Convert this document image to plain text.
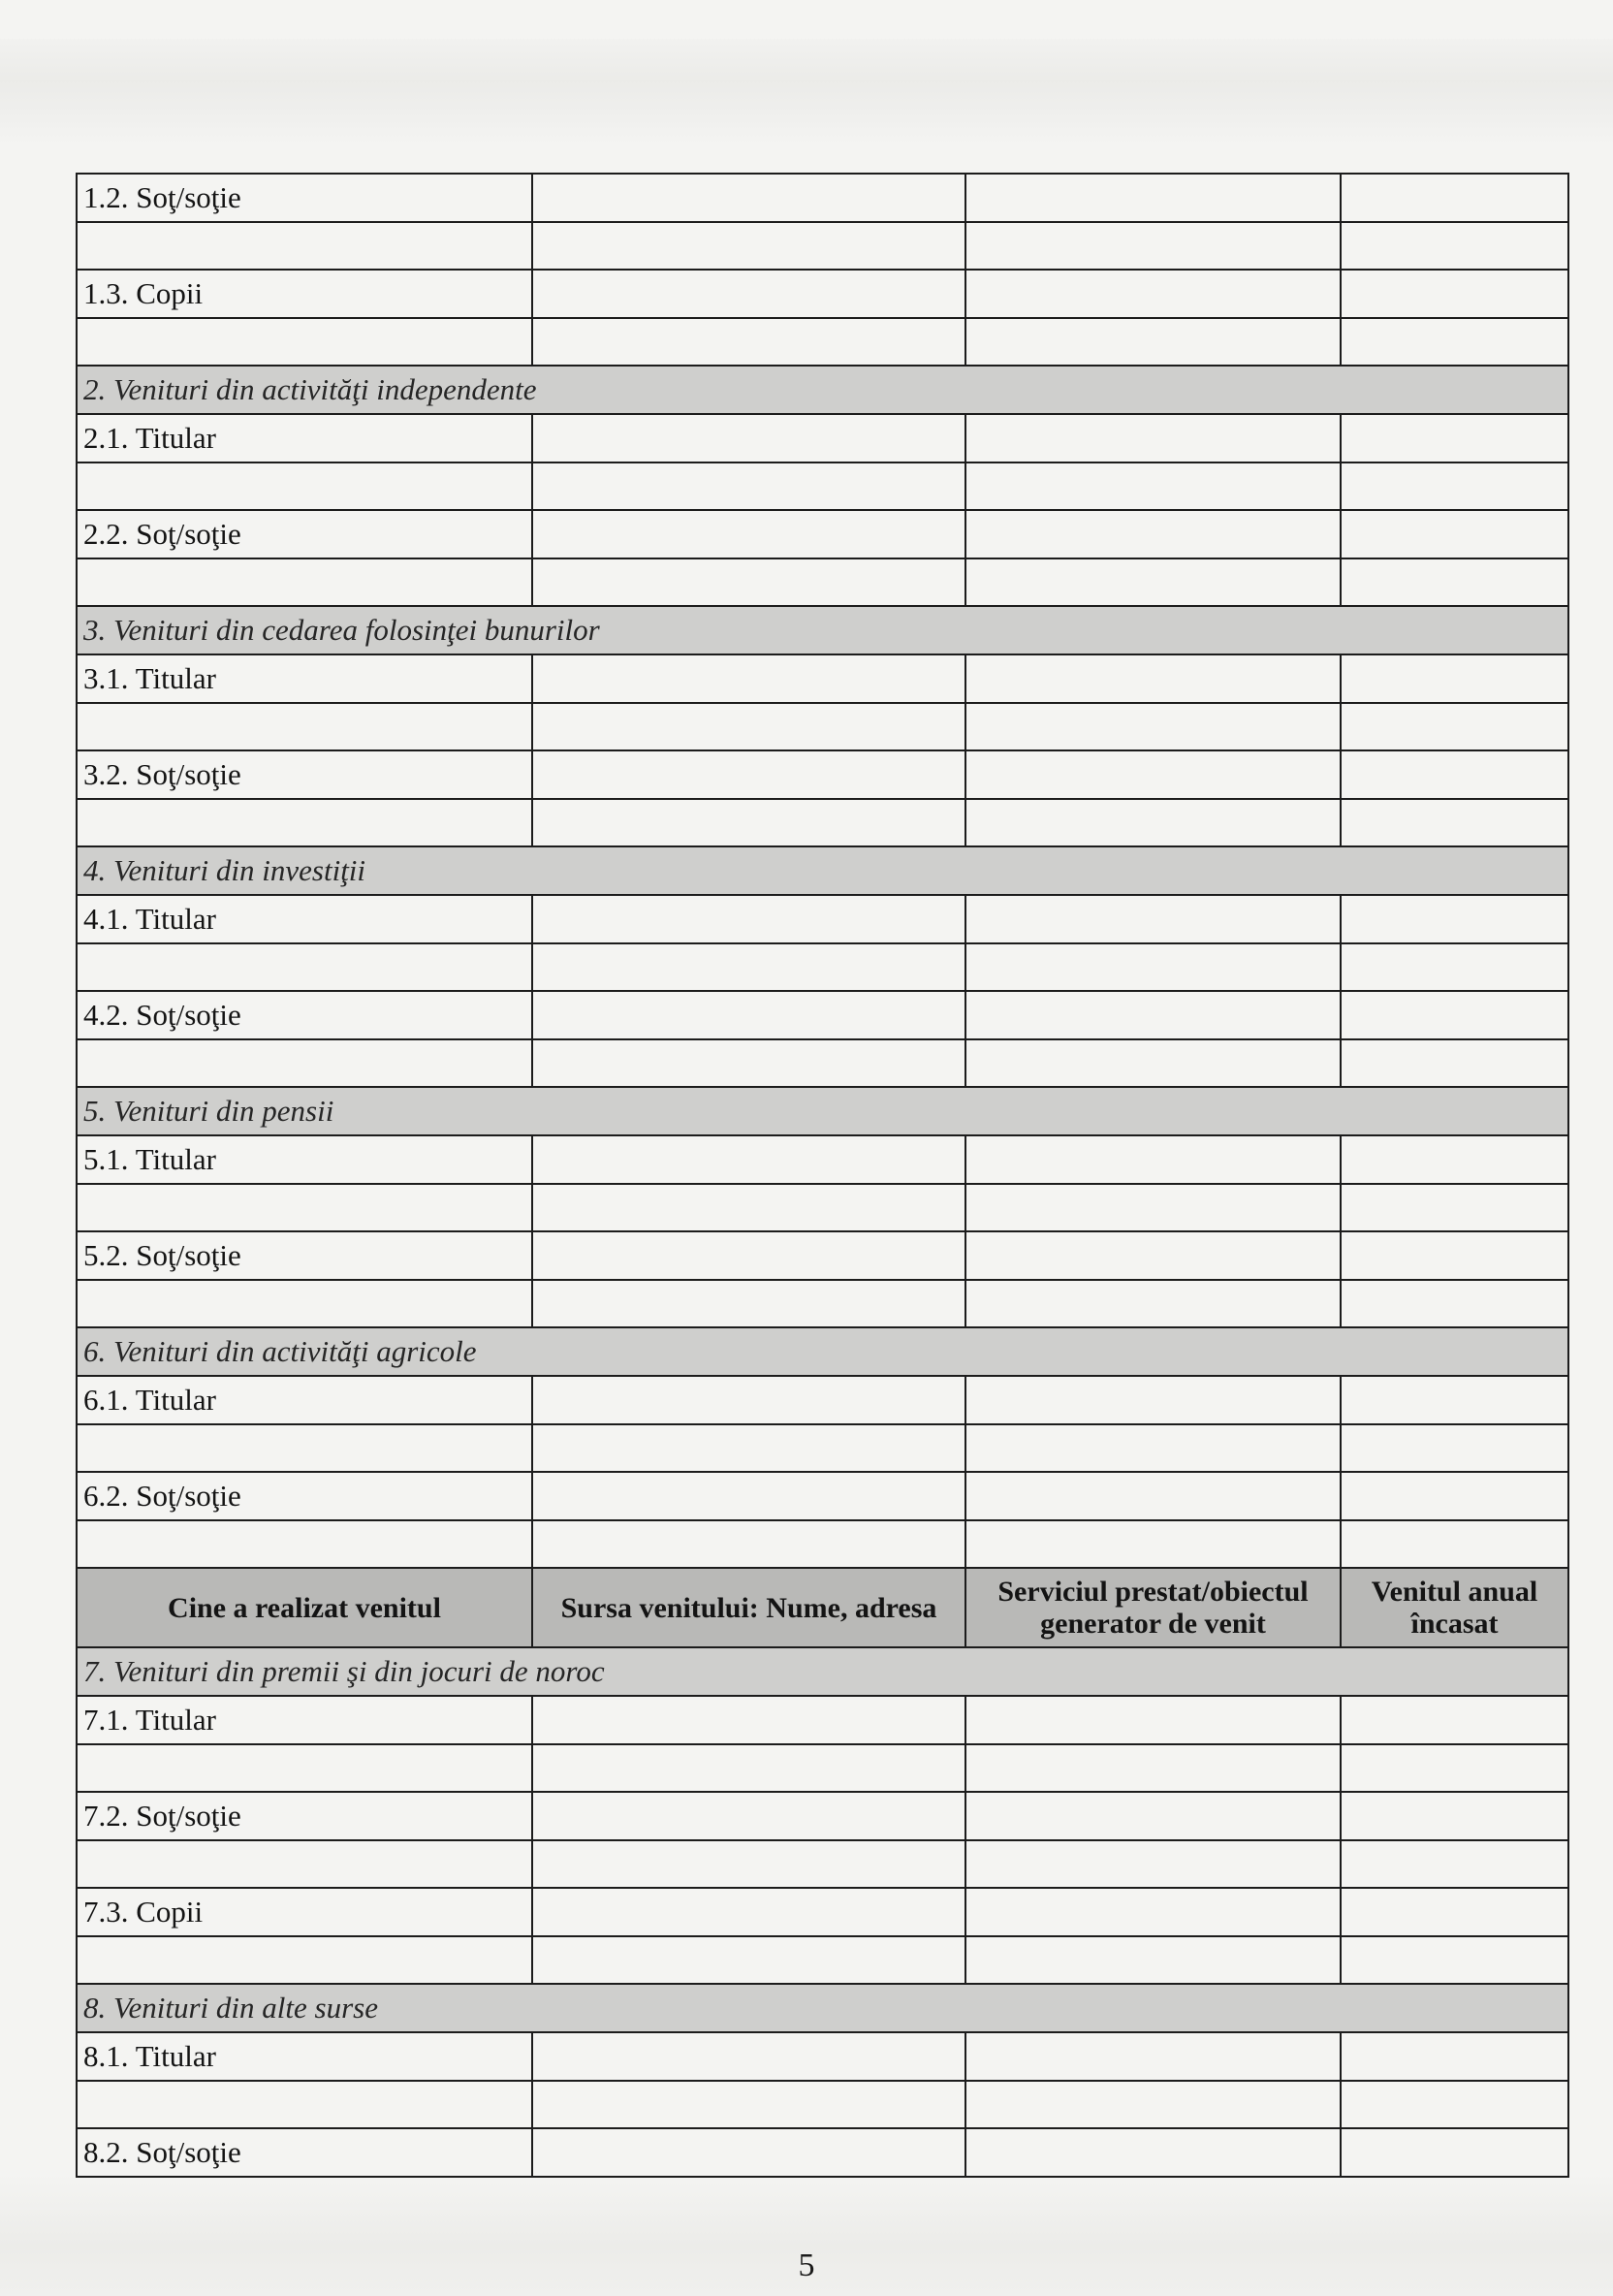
1.2. Soţ/soţie			

1.3. Copii			

2. Venituri din activităţi independente			
2.1. Titular			

2.2. Soţ/soţie			

3. Venituri din cedarea folosinţei bunurilor			
3.1. Titular			

3.2. Soţ/soţie			

4. Venituri din investiţii			
4.1. Titular			

4.2. Soţ/soţie			

5. Venituri din pensii			
5.1. Titular			

5.2. Soţ/soţie			

6. Venituri din activităţi agricole			
6.1. Titular			

6.2. Soţ/soţie			

Cine a realizat venitul	Sursa venitului: Nume, adresa	Serviciul prestat/obiectul generator de venit	Venitul anual încasat
7. Venituri din premii şi din jocuri de noroc			
7.1. Titular			

7.2. Soţ/soţie			

7.3. Copii			

8. Venituri din alte surse			
8.1. Titular			

8.2. Soţ/soţie			
5
